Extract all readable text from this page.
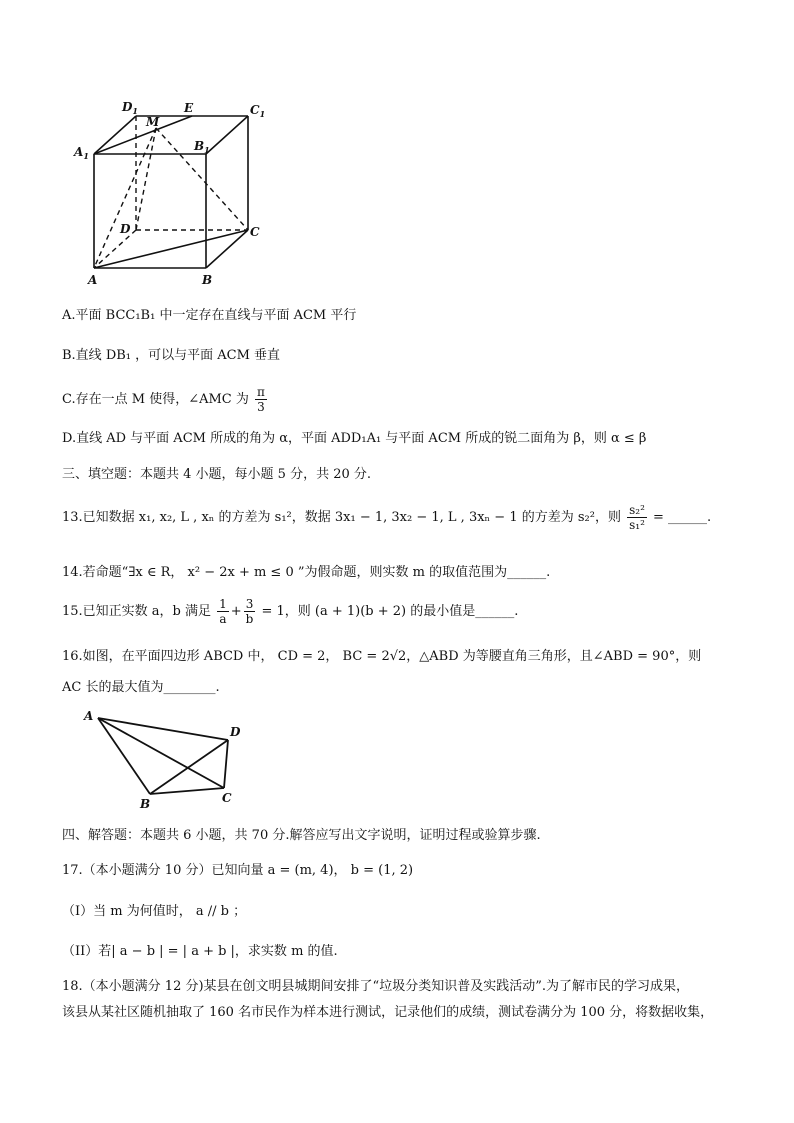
$D_1$	E	$C_1$
M
$A_1$
$B_1$
D	C
A	B
A.平面 BCC₁B₁ 中一定存在直线与平面 ACM 平行
B.直线 DB₁ ，可以与平面 ACM 垂直
C.存在一点 M 使得，∠AMC 为 $\frac{\pi}{3}$
D.直线 AD 与平面 ACM 所成的角为 α，平面 ADD₁A₁ 与平面 ACM 所成的锐二面角为 β，则 α ≤ β
三、填空题：本题共 4 小题，每小题 5 分，共 20 分.
13.已知数据 x₁, x₂, L , xₙ 的方差为 s₁²，数据 3x₁ − 1, 3x₂ − 1, L , 3xₙ − 1 的方差为 s₂²，则 $\frac{\text{s₂²}}{\text{s₁²}}$ = ______.
14.若命题“∃x ∈ R， x² − 2x + m ≤ 0 ”为假命题，则实数 m 的取值范围为______.
15.已知正实数 a，b 满足 $\frac{1}{a} + \frac{3}{b} = 1$，则 (a + 1)(b + 2) 的最小值是______.
16.如图，在平面四边形 ABCD 中， CD = 2， BC = 2√2，△ABD 为等腰直角三角形，且∠ABD = 90°，则
AC 长的最大值为________.
A
D
B	C
四、解答题：本题共 6 小题，共 70 分.解答应写出文字说明，证明过程或验算步骤.
17.（本小题满分 10 分）已知向量 a = (m, 4)， b = (1, 2)
（I）当 m 为何值时， a // b ；
（II）若| a − b | = | a + b |，求实数 m 的值.
18.（本小题满分 12 分)某县在创文明县城期间安排了“垃圾分类知识普及实践活动”.为了解市民的学习成果，
该县从某社区随机抽取了 160 名市民作为样本进行测试，记录他们的成绩，测试卷满分为 100 分，将数据收集，
